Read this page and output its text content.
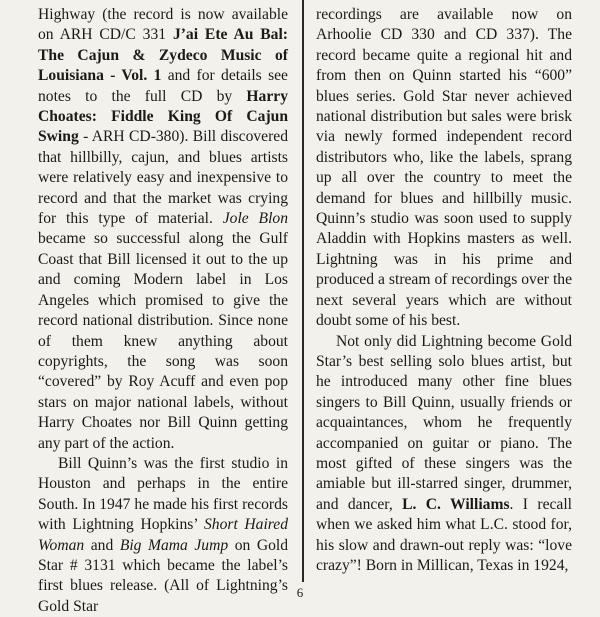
Highway (the record is now available on ARH CD/C 331 J’ai Ete Au Bal: The Cajun & Zydeco Music of Louisiana - Vol. 1 and for details see notes to the full CD by Harry Choates: Fiddle King Of Cajun Swing - ARH CD-380). Bill discovered that hillbilly, cajun, and blues artists were relatively easy and inexpensive to record and that the market was crying for this type of material. Jole Blon became so successful along the Gulf Coast that Bill licensed it out to the up and coming Modern label in Los Angeles which promised to give the record national distribution. Since none of them knew anything about copyrights, the song was soon “covered” by Roy Acuff and even pop stars on major national labels, without Harry Choates nor Bill Quinn getting any part of the action.

Bill Quinn’s was the first studio in Houston and perhaps in the entire South. In 1947 he made his first records with Lightning Hopkins’ Short Haired Woman and Big Mama Jump on Gold Star # 3131 which became the label’s first blues release. (All of Lightning’s Gold Star

recordings are available now on Arhoolie CD 330 and CD 337). The record became quite a regional hit and from then on Quinn started his “600” blues series. Gold Star never achieved national distribution but sales were brisk via newly formed independent record distributors who, like the labels, sprang up all over the country to meet the demand for blues and hillbilly music. Quinn’s studio was soon used to supply Aladdin with Hopkins masters as well. Lightning was in his prime and produced a stream of recordings over the next several years which are without doubt some of his best.

Not only did Lightning become Gold Star’s best selling solo blues artist, but he introduced many other fine blues singers to Bill Quinn, usually friends or acquaintances, whom he frequently accompanied on guitar or piano. The most gifted of these singers was the amiable but ill-starred singer, drummer, and dancer, L. C. Williams. I recall when we asked him what L.C. stood for, his slow and drawn-out reply was: “love crazy”! Born in Millican, Texas in 1924,

6
